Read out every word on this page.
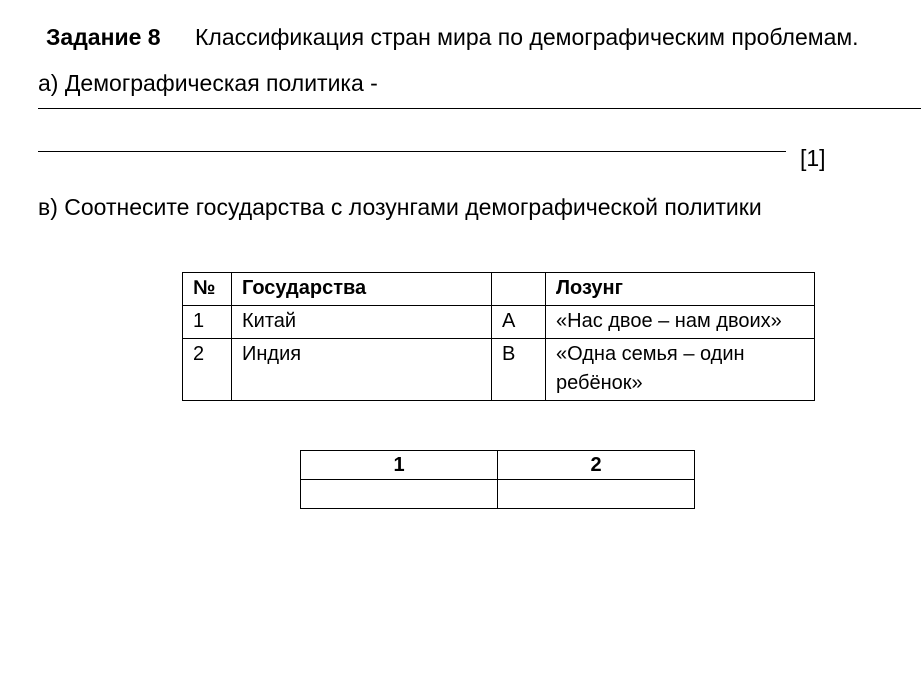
Задание 8 Классификация стран мира по демографическим проблемам.
а) Демографическая политика -
[1]
в) Соотнесите государства с лозунгами демографической политики
№	Государства		Лозунг
1	Китай	А	«Нас двое – нам двоих»
2	Индия	В	«Одна семья – один ребёнок»
1	2
